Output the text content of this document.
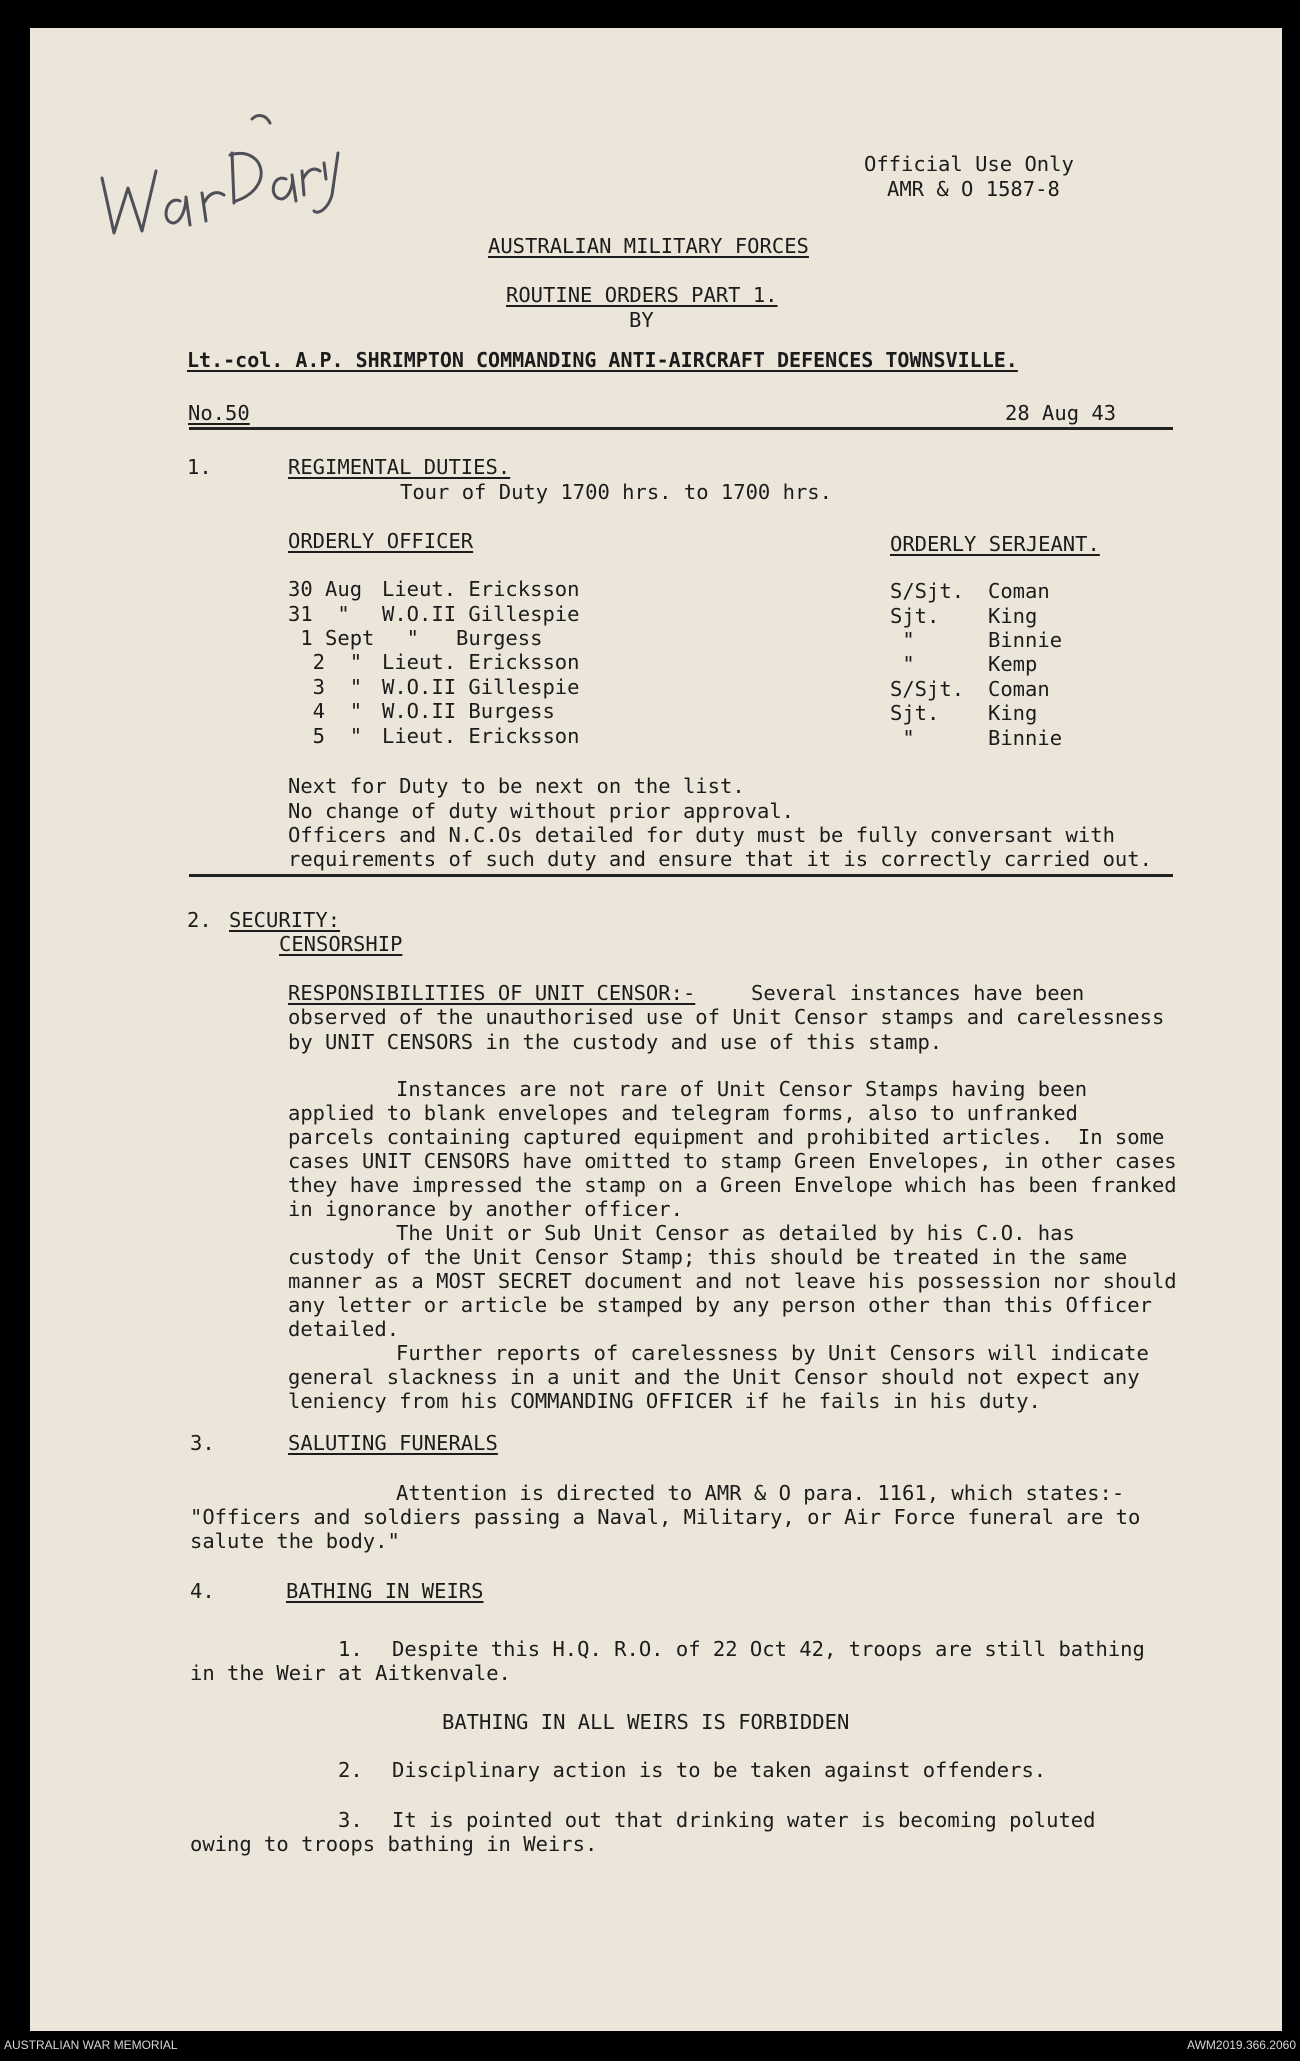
Official Use Only
AMR & O 1587-8
AUSTRALIAN MILITARY FORCES
ROUTINE ORDERS PART 1.
BY
Lt.-col. A.P. SHRIMPTON COMMANDING ANTI-AIRCRAFT DEFENCES TOWNSVILLE.
No.50	28 Aug 43
1.	REGIMENTAL DUTIES.
Tour of Duty 1700 hrs. to 1700 hrs.
ORDERLY OFFICER	ORDERLY SERJEANT.
30 Aug Lieut. Ericksson	S/Sjt. Coman
31  " W.O.II Gillespie	Sjt. King
1 Sept "   Burgess	"	Binnie
2  " Lieut. Ericksson	"	Kemp
3  " W.O.II Gillespie	S/Sjt. Coman
4  " W.O.II Burgess	Sjt. King
5  " Lieut. Ericksson	"	Binnie
Next for Duty to be next on the list.
No change of duty without prior approval.
Officers and N.C.Os detailed for duty must be fully conversant with
requirements of such duty and ensure that it is correctly carried out.
2. SECURITY:
CENSORSHIP
RESPONSIBILITIES OF UNIT CENSOR:-	Several instances have been
observed of the unauthorised use of Unit Censor stamps and carelessness
by UNIT CENSORS in the custody and use of this stamp.
Instances are not rare of Unit Censor Stamps having been
applied to blank envelopes and telegram forms, also to unfranked
parcels containing captured equipment and prohibited articles.  In some
cases UNIT CENSORS have omitted to stamp Green Envelopes, in other cases
they have impressed the stamp on a Green Envelope which has been franked
in ignorance by another officer.
The Unit or Sub Unit Censor as detailed by his C.O. has
custody of the Unit Censor Stamp; this should be treated in the same
manner as a MOST SECRET document and not leave his possession nor should
any letter or article be stamped by any person other than this Officer
detailed.
Further reports of carelessness by Unit Censors will indicate
general slackness in a unit and the Unit Censor should not expect any
leniency from his COMMANDING OFFICER if he fails in his duty.
3.	SALUTING FUNERALS
Attention is directed to AMR & O para. 1161, which states:-
"Officers and soldiers passing a Naval, Military, or Air Force funeral are to
salute the body."
4.	BATHING IN WEIRS
1. Despite this H.Q. R.O. of 22 Oct 42, troops are still bathing
in the Weir at Aitkenvale.
BATHING IN ALL WEIRS IS FORBIDDEN
2. Disciplinary action is to be taken against offenders.
3. It is pointed out that drinking water is becoming poluted
owing to troops bathing in Weirs.
AUSTRALIAN WAR MEMORIAL	AWM2019.366.2060
